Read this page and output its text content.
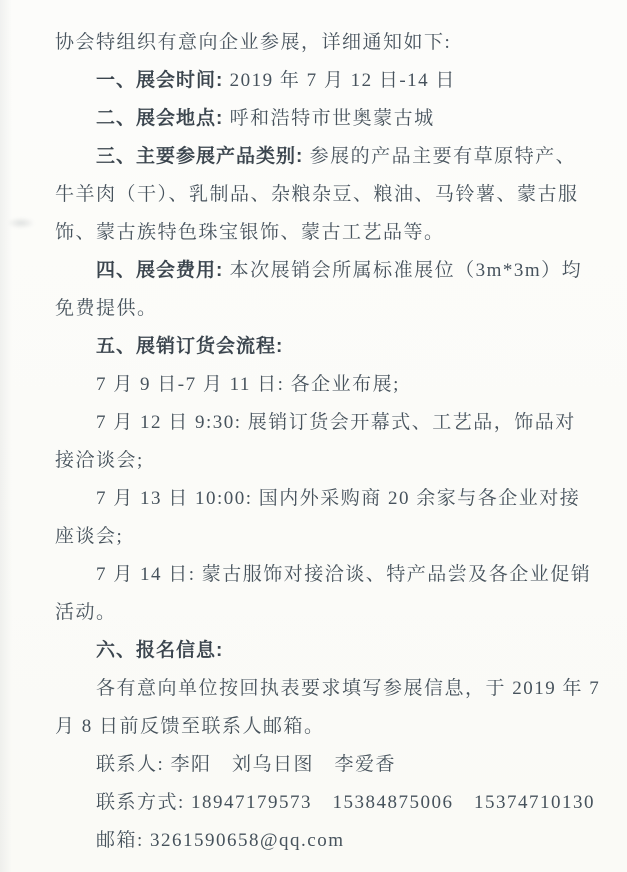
协会特组织有意向企业参展，详细通知如下:
一、展会时间: 2019 年 7 月 12 日-14 日
二、展会地点: 呼和浩特市世奥蒙古城
三、主要参展产品类别: 参展的产品主要有草原特产、
牛羊肉（干）、乳制品、杂粮杂豆、粮油、马铃薯、蒙古服
饰、蒙古族特色珠宝银饰、蒙古工艺品等。
四、展会费用: 本次展销会所属标准展位（3m*3m）均
免费提供。
五、展销订货会流程:
7 月 9 日-7 月 11 日: 各企业布展;
7 月 12 日 9:30: 展销订货会开幕式、工艺品，饰品对
接洽谈会;
7 月 13 日 10:00: 国内外采购商 20 余家与各企业对接
座谈会;
7 月 14 日: 蒙古服饰对接洽谈、特产品尝及各企业促销
活动。
六、报名信息:
各有意向单位按回执表要求填写参展信息，于 2019 年 7
月 8 日前反馈至联系人邮箱。
联系人: 李阳　刘乌日图　李爱香
联系方式: 18947179573　15384875006　15374710130
邮箱: 3261590658@qq.com
